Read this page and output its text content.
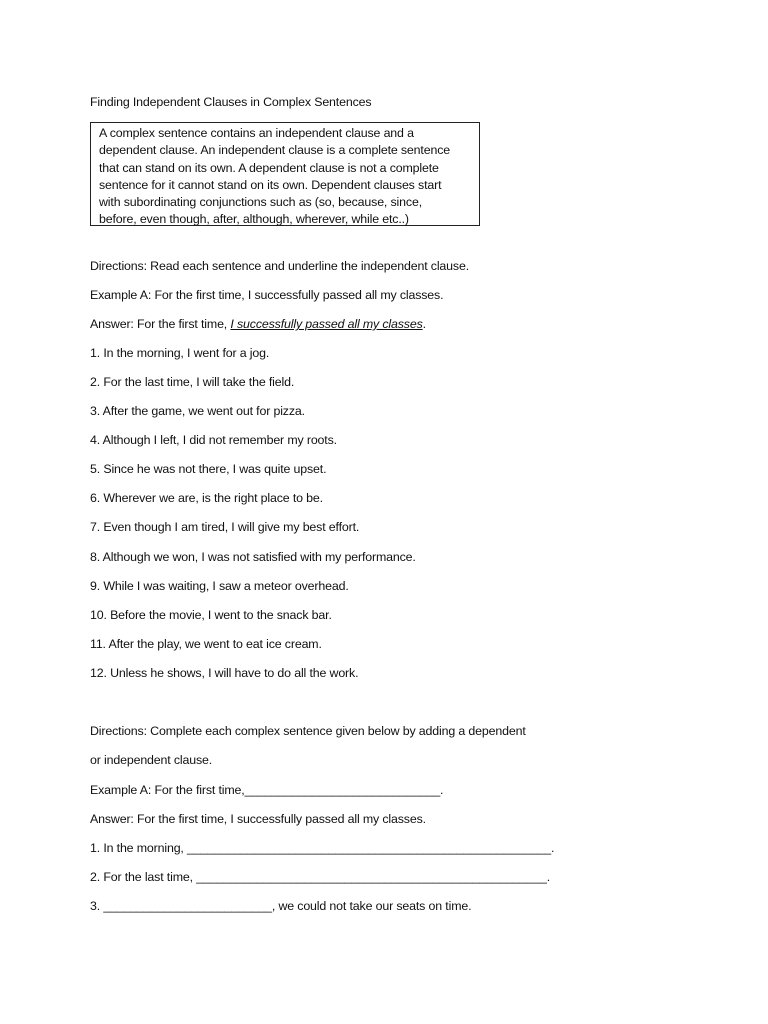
Finding Independent Clauses in Complex Sentences
A complex sentence contains an independent clause and a
dependent clause. An independent clause is a complete sentence
that can stand on its own. A dependent clause is not a complete
sentence for it cannot stand on its own. Dependent clauses start
with subordinating conjunctions such as (so, because, since,
before, even though, after, although, wherever, while etc..)
Directions: Read each sentence and underline the independent clause.
Example A: For the first time, I successfully passed all my classes.
Answer: For the first time, I successfully passed all my classes.
1. In the morning, I went for a jog.
2. For the last time, I will take the field.
3. After the game, we went out for pizza.
4. Although I left, I did not remember my roots.
5. Since he was not there, I was quite upset.
6. Wherever we are, is the right place to be.
7. Even though I am tired, I will give my best effort.
8. Although we won, I was not satisfied with my performance.
9. While I was waiting, I saw a meteor overhead.
10. Before the movie, I went to the snack bar.
11. After the play, we went to eat ice cream.
12. Unless he shows, I will have to do all the work.
Directions: Complete each complex sentence given below by adding a dependent
or independent clause.
Example A: For the first time,_____________________________.
Answer: For the first time, I successfully passed all my classes.
1. In the morning, ______________________________________________________.
2. For the last time, ____________________________________________________.
3. _________________________, we could not take our seats on time.
